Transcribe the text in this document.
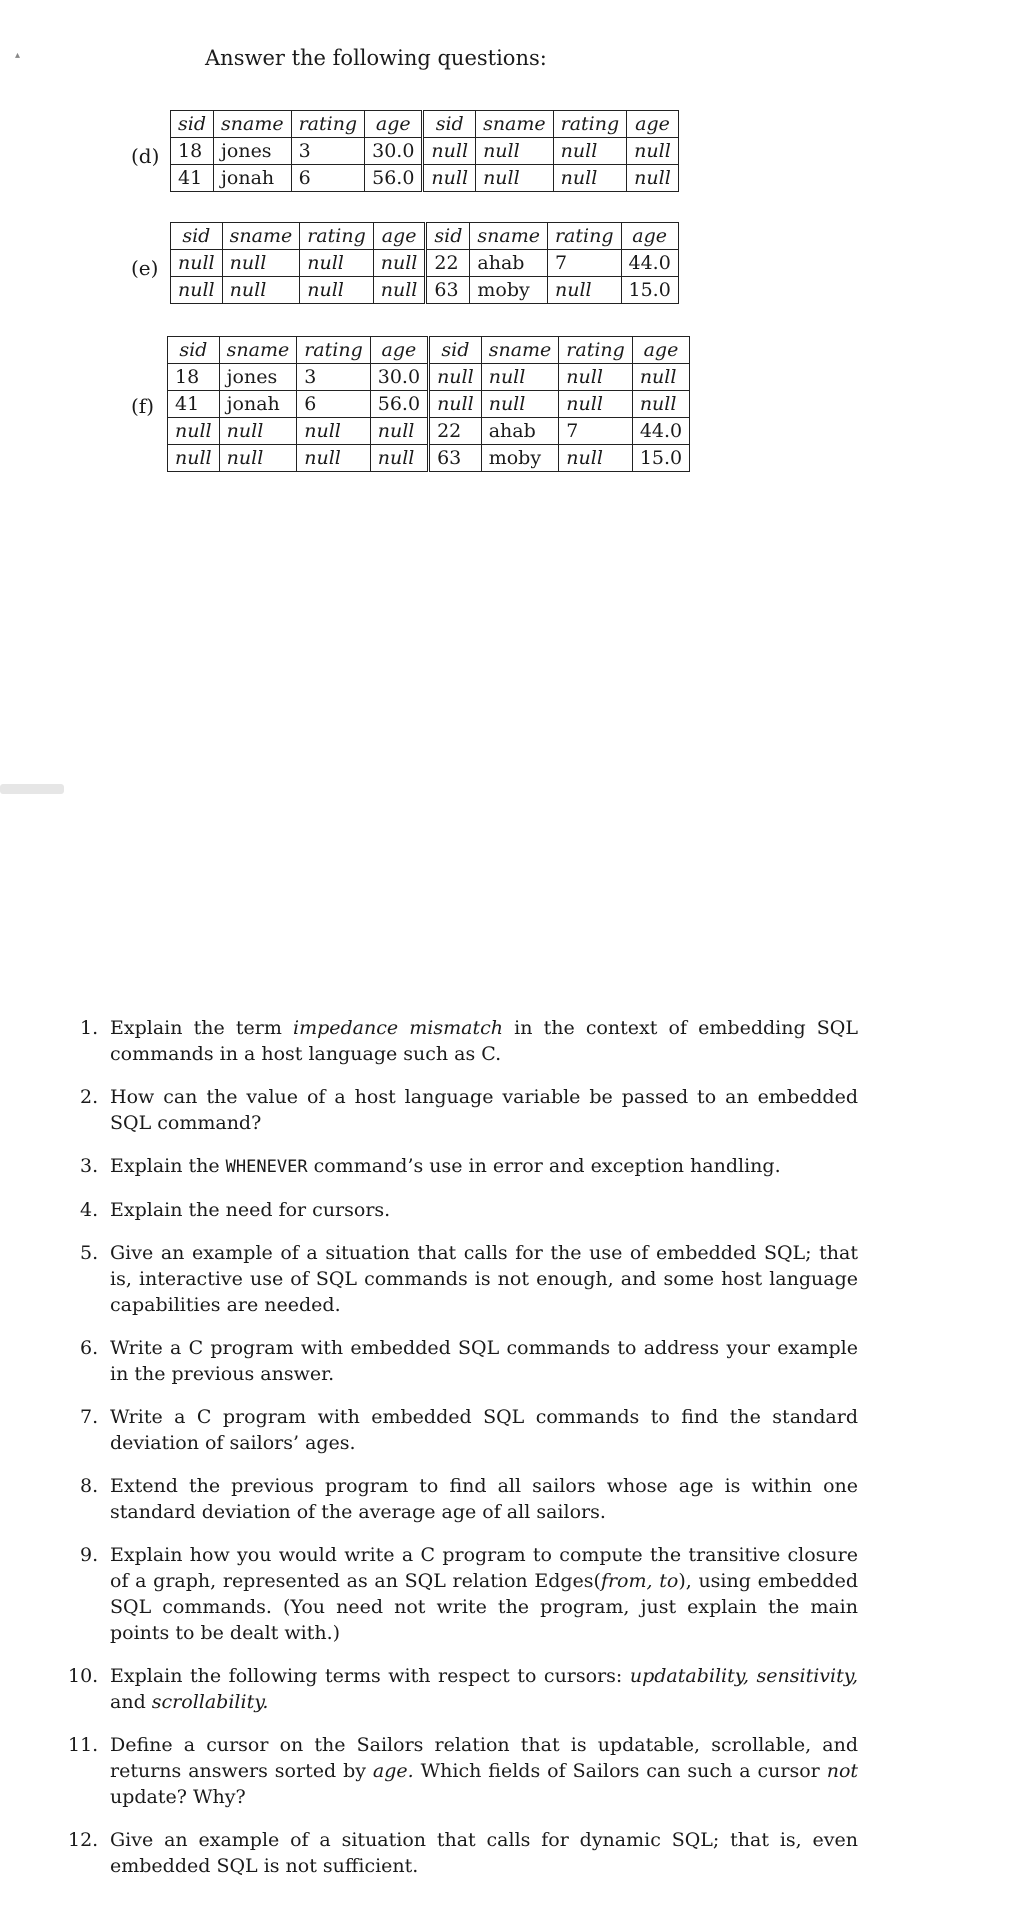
▴	Answer the following questions:
(d)
sid	sname	rating	age	sid	sname	rating	age
18	jones	3	30.0	null	null	null	null
41	jonah	6	56.0	null	null	null	null
(e)
sid	sname	rating	age	sid	sname	rating	age
null	null	null	null	22	ahab	7	44.0
null	null	null	null	63	moby	null	15.0
(f)
sid	sname	rating	age	sid	sname	rating	age
18	jones	3	30.0	null	null	null	null
41	jonah	6	56.0	null	null	null	null
null	null	null	null	22	ahab	7	44.0
null	null	null	null	63	moby	null	15.0
1. Explain the term impedance mismatch in the context of embedding SQL commands in a host language such as C.
2. How can the value of a host language variable be passed to an embedded SQL command?
3. Explain the WHENEVER command’s use in error and exception handling.
4. Explain the need for cursors.
5. Give an example of a situation that calls for the use of embedded SQL; that is, interactive use of SQL commands is not enough, and some host language capabilities are needed.
6. Write a C program with embedded SQL commands to address your example in the previous answer.
7. Write a C program with embedded SQL commands to find the standard deviation of sailors’ ages.
8. Extend the previous program to find all sailors whose age is within one standard deviation of the average age of all sailors.
9. Explain how you would write a C program to compute the transitive closure of a graph, represented as an SQL relation Edges(from, to), using embedded SQL commands. (You need not write the program, just explain the main points to be dealt with.)
10. Explain the following terms with respect to cursors: updatability, sensitivity, and scrollability.
11. Define a cursor on the Sailors relation that is updatable, scrollable, and returns answers sorted by age. Which fields of Sailors can such a cursor not update? Why?
12. Give an example of a situation that calls for dynamic SQL; that is, even embedded SQL is not sufficient.
